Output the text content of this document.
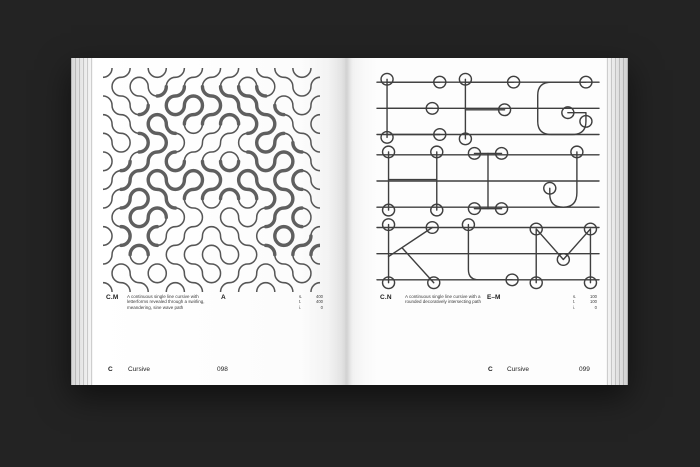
C.M A continuous single line cursive with
letterforms revealed through a swirling,
meandering, sine wave path
A	s.	400
t.	400
i.	0
C.N	A continuous single line cursive with a
rounded decoratively intersecting path
E–M	s.	100
t.	100
i.	0
C Cursive	098	C Cursive	099
